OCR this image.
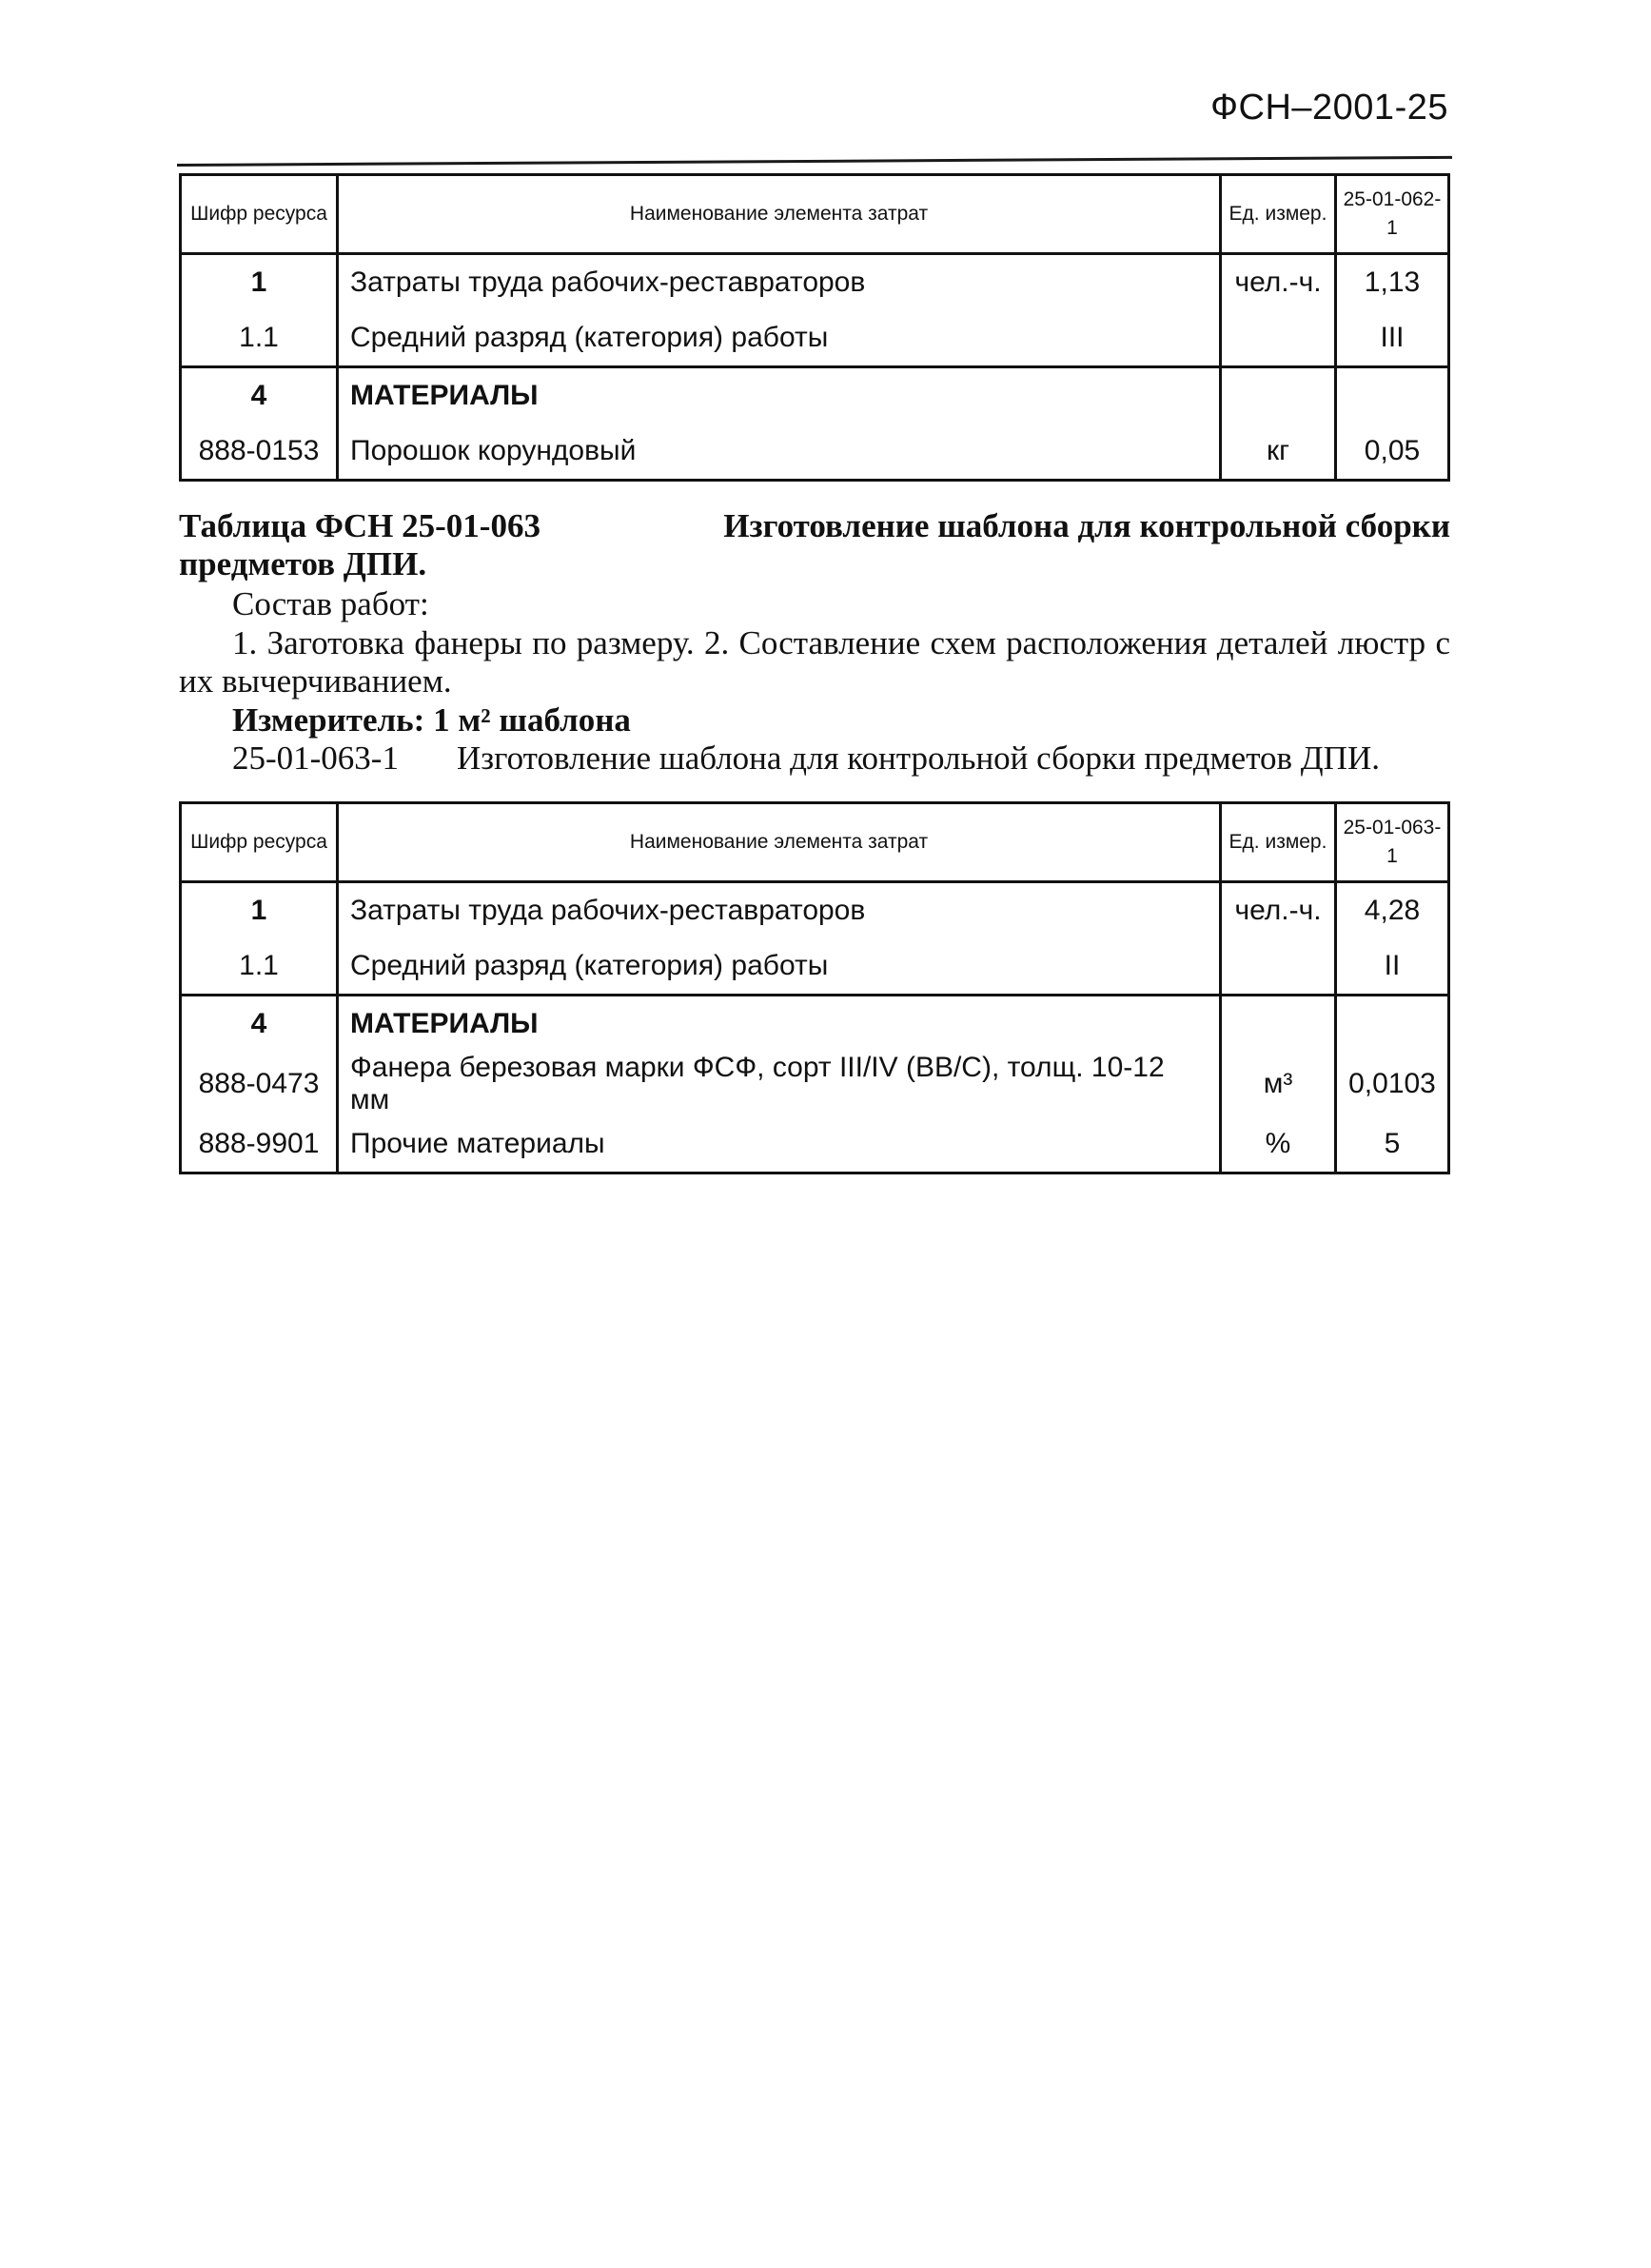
ФСН–2001-25
Шифр ресурса	Наименование элемента затрат	Ед. измер.	25-01-062-1
1	Затраты труда рабочих-реставраторов	чел.-ч.	1,13
1.1	Средний разряд (категория) работы		III
4	МАТЕРИАЛЫ		
888-0153	Порошок корундовый	кг	0,05
Таблица ФСН 25-01-063	Изготовление шаблона для контрольной сборки
предметов ДПИ.
Состав работ:
1. Заготовка фанеры по размеру. 2. Составление схем расположения деталей люстр с их вычерчиванием.
Измеритель: 1 м² шаблона
25-01-063-1	Изготовление шаблона для контрольной сборки предметов ДПИ.
Шифр ресурса	Наименование элемента затрат	Ед. измер.	25-01-063-1
1	Затраты труда рабочих-реставраторов	чел.-ч.	4,28
1.1	Средний разряд (категория) работы		II
4	МАТЕРИАЛЫ		
888-0473	Фанера березовая марки ФСФ, сорт III/IV (BB/C), толщ. 10-12 мм	м³	0,0103
888-9901	Прочие материалы	%	5
